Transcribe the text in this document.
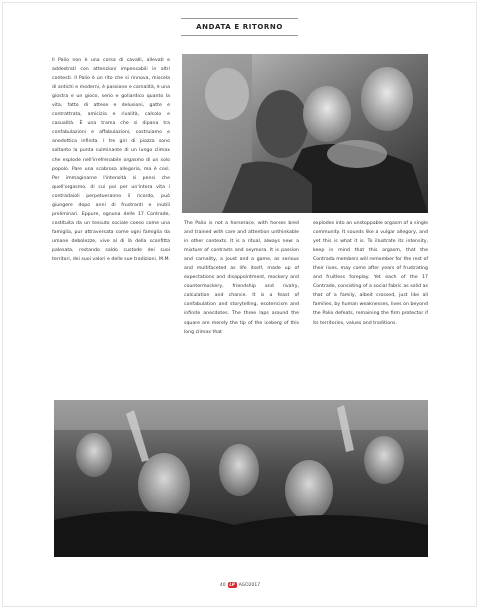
ANDATA E RITORNO
Il Palio non è una corsa di cavalli, allevati e addestrati con attenzioni impensabili in altri contesti. Il Palio è un rito che si rinnova, miscela di antichi e moderni, è passione e carnalità, è una giostra e un gioco, serio e goliardico quanto la vita, fatto di attese e delusioni, gatte e contrattrata, amicizia e rivalità, calcolo e casualità. È una trama che si dipana tra confabulazioni e affabulazioni, costruiamo e anedottica infinita. I tre giri di piazza sono soltanto la punta culminante di un lungo climax che esplode nell'irrefrenabile orgasmo di un solo popolo. Pare una scabrosa allegoria, ma è così. Per immaginarne l'intensità si pensi che quell'orgasmo, di cui poi per un'intera vita i contradaioli perpetueranno il ricordo, può giungere dopo anni di frustranti e inutili preliminari. Eppure, ognuna delle 17 Contrade, costituita da un tessuto sociale coeso come una famiglia, pur attraversata come ogni famiglia da umane debolezze, vive al di là della sconfitta palesata, restando saldo custode dei suoi territori, dei suoi valori e delle sue tradizioni. M.M.
The Palio is not a horserace, with horses bred and trained with care and attention unthinkable in other contexts. It is a ritual, always new: a mixture of contrasts and oxymora. It is passion and carnality, a joust and a game, as serious and multifaceted as life itself, made up of expectations and disappointment, mockery and countermockery, friendship and rivalry, calculation and chance. It is a feast of confabulation and storytelling, esotericism and infinite anecdotes. The three laps around the square are merely the tip of the iceberg of this long climax that
explodes into an unstoppable orgasm of a single community. It sounds like a vulgar allegory, and yet this is what it is. To illustrate its intensity, keep in mind that this orgasm, that the Contrada members will remember for the rest of their lives, may come after years of frustrating and fruitless foreplay. Yet each of the 17 Contrade, consisting of a social fabric as solid as that of a family, albeit crossed, just like all families, by human weaknesses, lives on beyond the Palio defeats, remaining the firm protector if its territories, values and traditions.
40 LP AGO2017
